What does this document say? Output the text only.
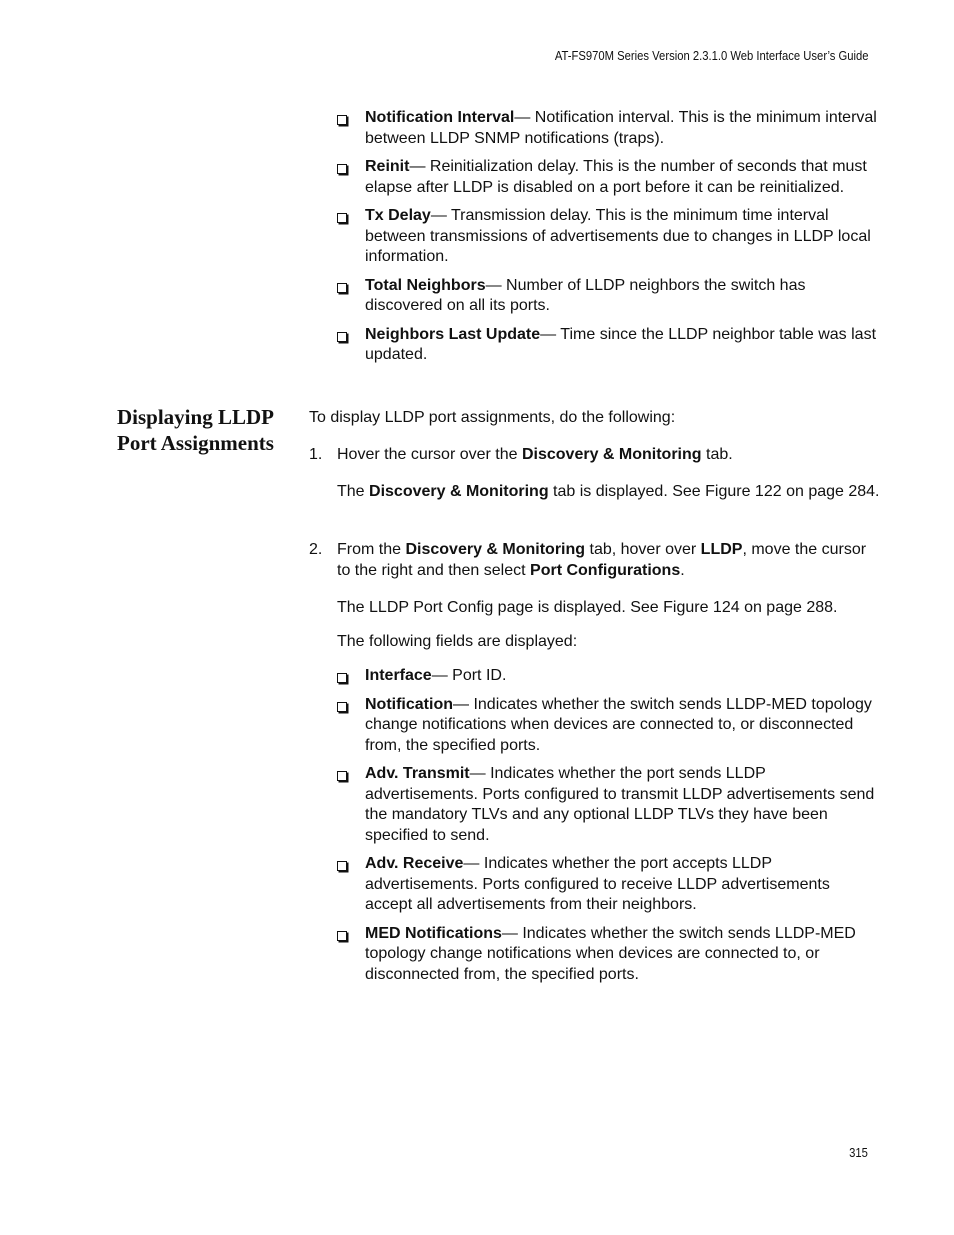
AT-FS970M Series Version 2.3.1.0 Web Interface User’s Guide
Notification Interval— Notification interval. This is the minimum interval between LLDP SNMP notifications (traps).
Reinit— Reinitialization delay. This is the number of seconds that must elapse after LLDP is disabled on a port before it can be reinitialized.
Tx Delay— Transmission delay. This is the minimum time interval between transmissions of advertisements due to changes in LLDP local information.
Total Neighbors— Number of LLDP neighbors the switch has discovered on all its ports.
Neighbors Last Update— Time since the LLDP neighbor table was last updated.
Displaying LLDP
Port Assignments

To display LLDP port assignments, do the following:

1. Hover the cursor over the Discovery & Monitoring tab.

The Discovery & Monitoring tab is displayed. See Figure 122 on page 284.

2. From the Discovery & Monitoring tab, hover over LLDP, move the cursor to the right and then select Port Configurations.

The LLDP Port Config page is displayed. See Figure 124 on page 288.

The following fields are displayed:

Interface— Port ID.
Notification— Indicates whether the switch sends LLDP-MED topology change notifications when devices are connected to, or disconnected from, the specified ports.
Adv. Transmit— Indicates whether the port sends LLDP advertisements. Ports configured to transmit LLDP advertisements send the mandatory TLVs and any optional LLDP TLVs they have been specified to send.
Adv. Receive— Indicates whether the port accepts LLDP advertisements. Ports configured to receive LLDP advertisements accept all advertisements from their neighbors.
MED Notifications— Indicates whether the switch sends LLDP-MED topology change notifications when devices are connected to, or disconnected from, the specified ports.
315
